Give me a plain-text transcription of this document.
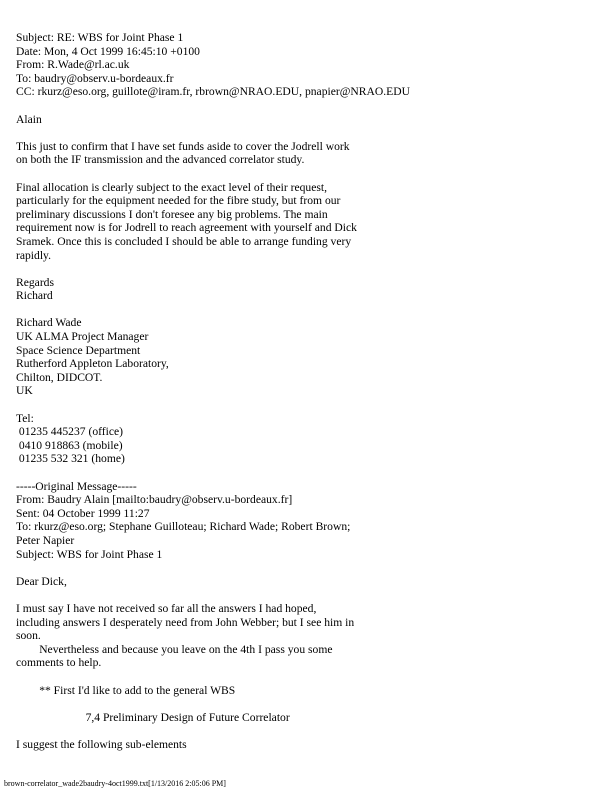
Subject: RE: WBS for Joint Phase 1
Date: Mon, 4 Oct 1999 16:45:10 +0100
From: R.Wade@rl.ac.uk
To: baudry@observ.u-bordeaux.fr
CC: rkurz@eso.org, guillote@iram.fr, rbrown@NRAO.EDU, pnapier@NRAO.EDU
Alain
This just to confirm that I have set funds aside to cover the Jodrell work
on both the IF transmission and the advanced correlator study.
Final allocation is clearly subject to the exact level of their request,
particularly for the equipment needed for the fibre study, but from our
preliminary discussions I don't foresee any big problems. The main
requirement now is for Jodrell to reach agreement with yourself and Dick
Sramek. Once this is concluded I should be able to arrange funding very
rapidly.
Regards
Richard
Richard Wade
UK ALMA Project Manager
Space Science Department
Rutherford Appleton Laboratory,
Chilton, DIDCOT.
UK
Tel:
01235 445237 (office)
0410 918863 (mobile)
01235 532 321 (home)
-----Original Message-----
From: Baudry Alain [mailto:baudry@observ.u-bordeaux.fr]
Sent: 04 October 1999 11:27
To: rkurz@eso.org; Stephane Guilloteau; Richard Wade; Robert Brown;
Peter Napier
Subject: WBS for Joint Phase 1
Dear Dick,
I must say I have not received so far all the answers I had hoped,
including answers I desperately need from John Webber; but I see him in
soon.
Nevertheless and because you leave on the 4th I pass you some
comments to help.
** First I'd like to add to the general WBS
7,4 Preliminary Design of Future Correlator
I suggest the following sub-elements
brown-correlator_wade2baudry-4oct1999.txt[1/13/2016 2:05:06 PM]
